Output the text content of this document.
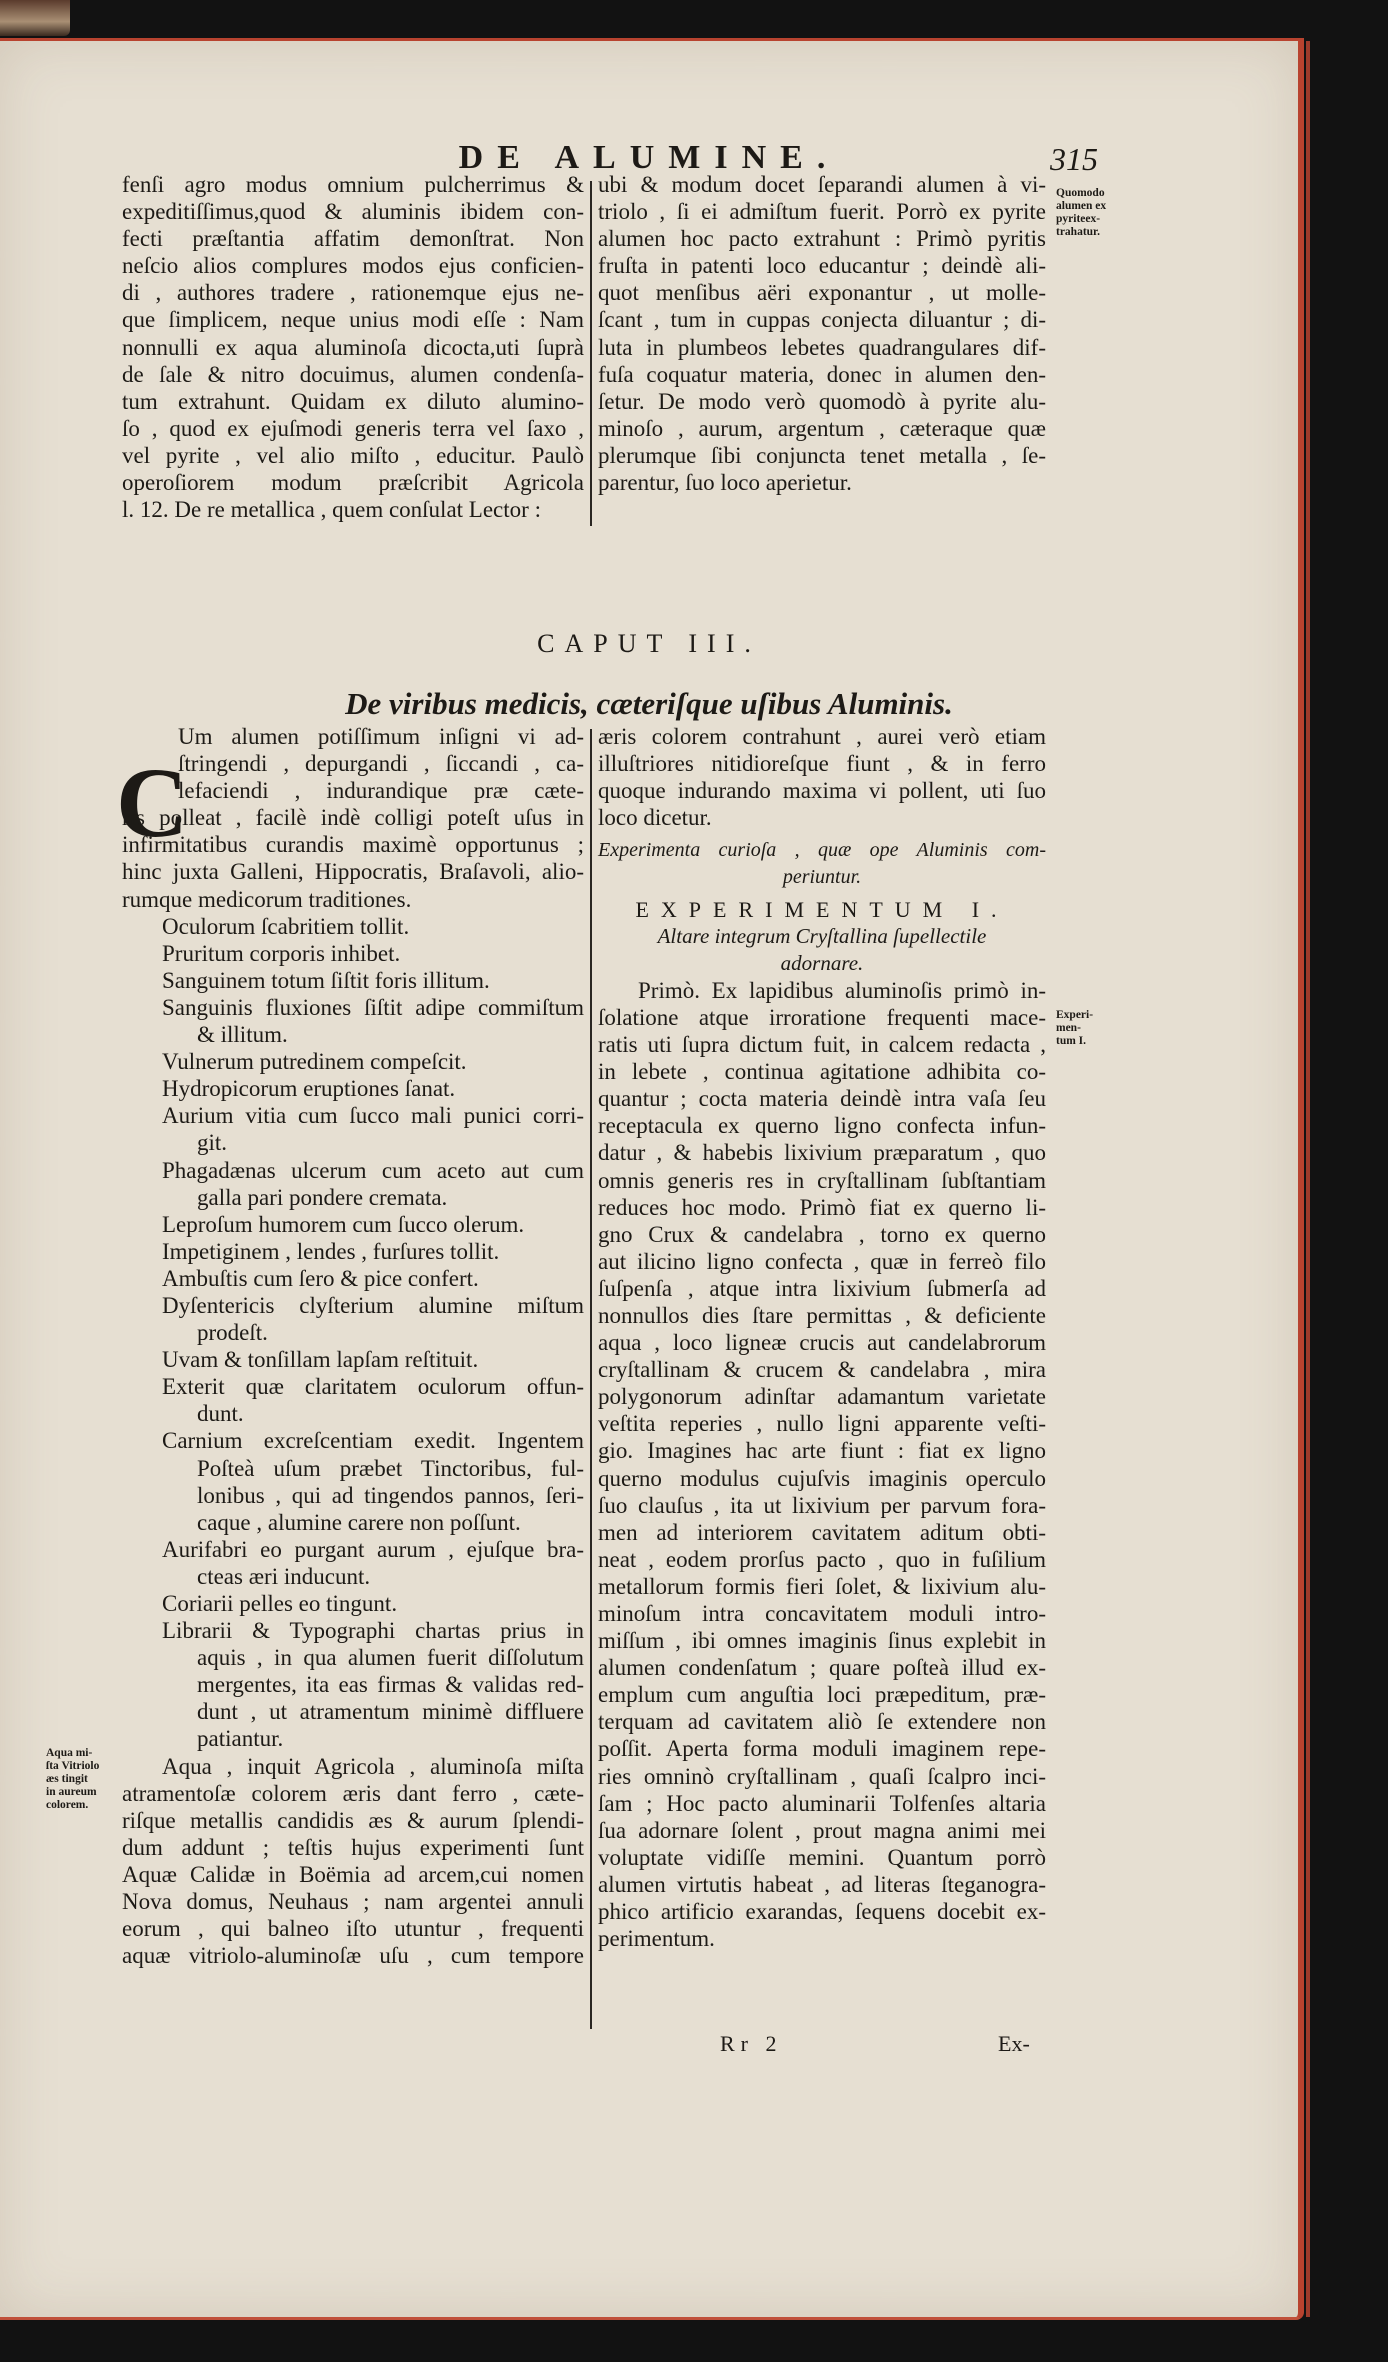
DE ALUMINE.	315
fenſi agro modus omnium pulcherrimus &
expeditiſſimus,quod & aluminis ibidem con-
fecti præſtantia affatim demonſtrat. Non
neſcio alios complures modos ejus conficien-
di , authores tradere , rationemque ejus ne-
que ſimplicem, neque unius modi eſſe : Nam
nonnulli ex aqua aluminoſa dicocta,uti ſuprà
de ſale & nitro docuimus, alumen condenſa-
tum extrahunt. Quidam ex diluto alumino-
ſo , quod ex ejuſmodi generis terra vel ſaxo ,
vel pyrite , vel alio miſto , educitur. Paulò
operoſiorem modum præſcribit Agricola
l. 12. De re metallica , quem conſulat Lector :
ubi & modum docet ſeparandi alumen à vi-
triolo , ſi ei admiſtum fuerit. Porrò ex pyrite
alumen hoc pacto extrahunt : Primò pyritis
fruſta in patenti loco educantur ; deindè ali-
quot menſibus aëri exponantur , ut molle-
ſcant , tum in cuppas conjecta diluantur ; di-
luta in plumbeos lebetes quadrangulares dif-
fuſa coquatur materia, donec in alumen den-
ſetur. De modo verò quomodò à pyrite alu-
minoſo , aurum, argentum , cæteraque quæ
plerumque ſibi conjuncta tenet metalla , ſe-
parentur, ſuo loco aperietur.
Quomodo
alumen ex
pyriteex-
trahatur.
CAPUT III.
De viribus medicis, cæteriſque uſibus Aluminis.
C
Um alumen potiſſimum inſigni vi ad-
ſtringendi , depurgandi , ſiccandi , ca-
lefaciendi , indurandique præ cæte-
ris polleat , facilè indè colligi poteſt uſus in
infirmitatibus curandis maximè opportunus ;
hinc juxta Galleni, Hippocratis, Braſavoli, alio-
rumque medicorum traditiones.
Oculorum ſcabritiem tollit.
Pruritum corporis inhibet.
Sanguinem totum ſiſtit foris illitum.
Sanguinis fluxiones ſiſtit adipe commiſtum
& illitum.
Vulnerum putredinem compeſcit.
Hydropicorum eruptiones ſanat.
Aurium vitia cum ſucco mali punici corri-
git.
Phagadænas ulcerum cum aceto aut cum
galla pari pondere cremata.
Leproſum humorem cum ſucco olerum.
Impetiginem , lendes , furſures tollit.
Ambuſtis cum ſero & pice confert.
Dyſentericis clyſterium alumine miſtum
prodeſt.
Uvam & tonſillam lapſam reſtituit.
Exterit quæ claritatem oculorum offun-
dunt.
Carnium excreſcentiam exedit. Ingentem
Poſteà uſum præbet Tinctoribus, ful-
lonibus , qui ad tingendos pannos, ſeri-
caque , alumine carere non poſſunt.
Aurifabri eo purgant aurum , ejuſque bra-
cteas æri inducunt.
Coriarii pelles eo tingunt.
Librarii & Typographi chartas prius in
aquis , in qua alumen fuerit diſſolutum
mergentes, ita eas firmas & validas red-
dunt , ut atramentum minimè diffluere
patiantur.
Aqua , inquit Agricola , aluminoſa miſta
atramentoſæ colorem æris dant ferro , cæte-
riſque metallis candidis æs & aurum ſplendi-
dum addunt ; teſtis hujus experimenti ſunt
Aquæ Calidæ in Boëmia ad arcem,cui nomen
Nova domus, Neuhaus ; nam argentei annuli
eorum , qui balneo iſto utuntur , frequenti
aquæ vitriolo-aluminoſæ uſu , cum tempore
Aqua mi-
ſta Vitriolo
æs tingit
in aureum
colorem.
æris colorem contrahunt , aurei verò etiam
illuſtriores nitidioreſque fiunt , & in ferro
quoque indurando maxima vi pollent, uti ſuo
loco dicetur.
Experimenta curioſa , quæ ope Aluminis com-
periuntur.
EXPERIMENTUM I.
Altare integrum Cryſtallina ſupellectile
adornare.
Primò. Ex lapidibus aluminoſis primò in-
ſolatione atque irroratione frequenti mace-
ratis uti ſupra dictum fuit, in calcem redacta ,
in lebete , continua agitatione adhibita co-
quantur ; cocta materia deindè intra vaſa ſeu
receptacula ex querno ligno confecta infun-
datur , & habebis lixivium præparatum , quo
omnis generis res in cryſtallinam ſubſtantiam
reduces hoc modo. Primò fiat ex querno li-
gno Crux & candelabra , torno ex querno
aut ilicino ligno confecta , quæ in ferreò filo
ſuſpenſa , atque intra lixivium ſubmerſa ad
nonnullos dies ſtare permittas , & deficiente
aqua , loco ligneæ crucis aut candelabrorum
cryſtallinam & crucem & candelabra , mira
polygonorum adinſtar adamantum varietate
veſtita reperies , nullo ligni apparente veſti-
gio. Imagines hac arte fiunt : fiat ex ligno
querno modulus cujuſvis imaginis operculo
ſuo clauſus , ita ut lixivium per parvum fora-
men ad interiorem cavitatem aditum obti-
neat , eodem prorſus pacto , quo in fuſilium
metallorum formis fieri ſolet, & lixivium alu-
minoſum intra concavitatem moduli intro-
miſſum , ibi omnes imaginis ſinus explebit in
alumen condenſatum ; quare poſteà illud ex-
emplum cum anguſtia loci præpeditum, præ-
terquam ad cavitatem aliò ſe extendere non
poſſit. Aperta forma moduli imaginem repe-
ries omninò cryſtallinam , quaſi ſcalpro inci-
ſam ; Hoc pacto aluminarii Tolfenſes altaria
ſua adornare ſolent , prout magna animi mei
voluptate vidiſſe memini. Quantum porrò
alumen virtutis habeat , ad literas ſteganogra-
phico artificio exarandas, ſequens docebit ex-
perimentum.
Experi-
men-
tum I.
Rr 2	Ex-
